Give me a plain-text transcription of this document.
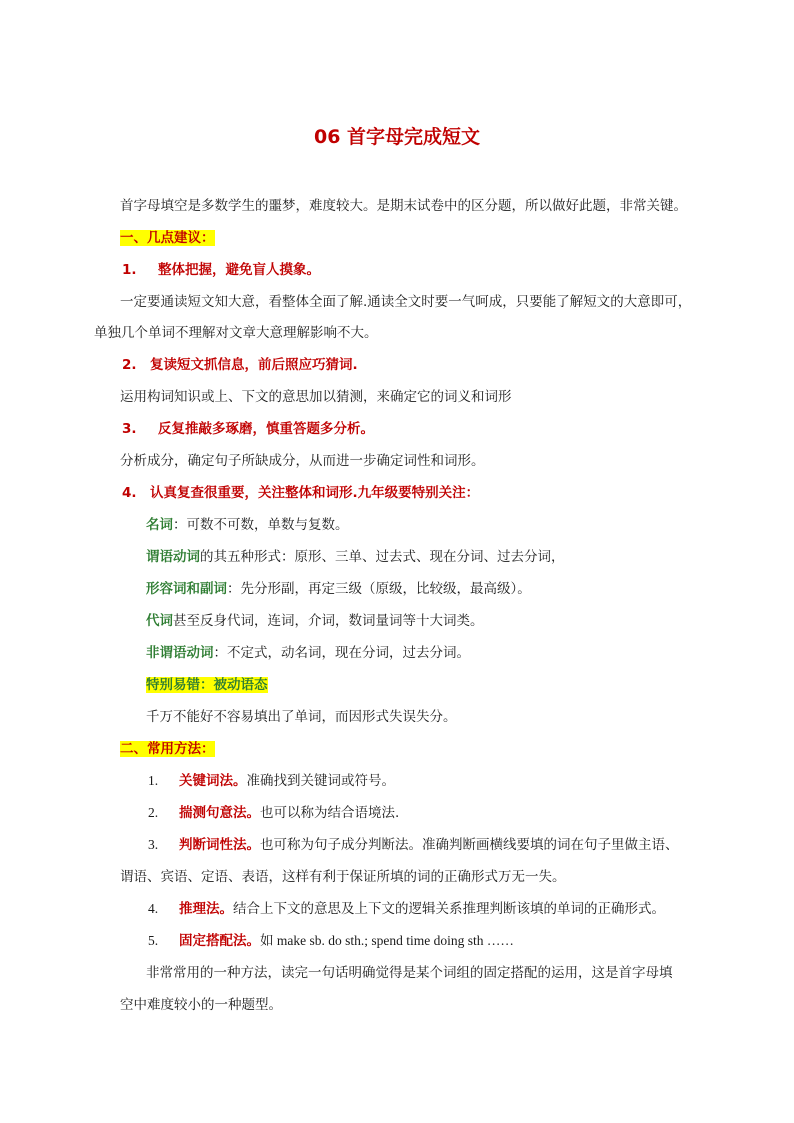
06 首字母完成短文
首字母填空是多数学生的噩梦，难度较大。是期末试卷中的区分题，所以做好此题，非常关键。
一、几点建议：
1. 整体把握，避免盲人摸象。
一定要通读短文知大意，看整体全面了解.通读全文时要一气呵成，只要能了解短文的大意即可，
单独几个单词不理解对文章大意理解影响不大。
2. 复读短文抓信息，前后照应巧猜词.
运用构词知识或上、下文的意思加以猜测，来确定它的词义和词形
3. 反复推敲多琢磨，慎重答题多分析。
分析成分，确定句子所缺成分，从而进一步确定词性和词形。
4. 认真复查很重要，关注整体和词形.九年级要特别关注：
名词：可数不可数，单数与复数。
谓语动词的其五种形式：原形、三单、过去式、现在分词、过去分词，
形容词和副词：先分形副，再定三级（原级，比较级，最高级）。
代词甚至反身代词，连词，介词，数词量词等十大词类。
非谓语动词：不定式，动名词，现在分词，过去分词。
特别易错：被动语态
千万不能好不容易填出了单词，而因形式失误失分。
二、常用方法：
1. 关键词法。准确找到关键词或符号。
2. 揣测句意法。也可以称为结合语境法.
3. 判断词性法。也可称为句子成分判断法。准确判断画横线要填的词在句子里做主语、
谓语、宾语、定语、表语，这样有利于保证所填的词的正确形式万无一失。
4. 推理法。结合上下文的意思及上下文的逻辑关系推理判断该填的单词的正确形式。
5. 固定搭配法。如 make sb. do sth.; spend time doing sth ……
非常常用的一种方法，读完一句话明确觉得是某个词组的固定搭配的运用，这是首字母填
空中难度较小的一种题型。
